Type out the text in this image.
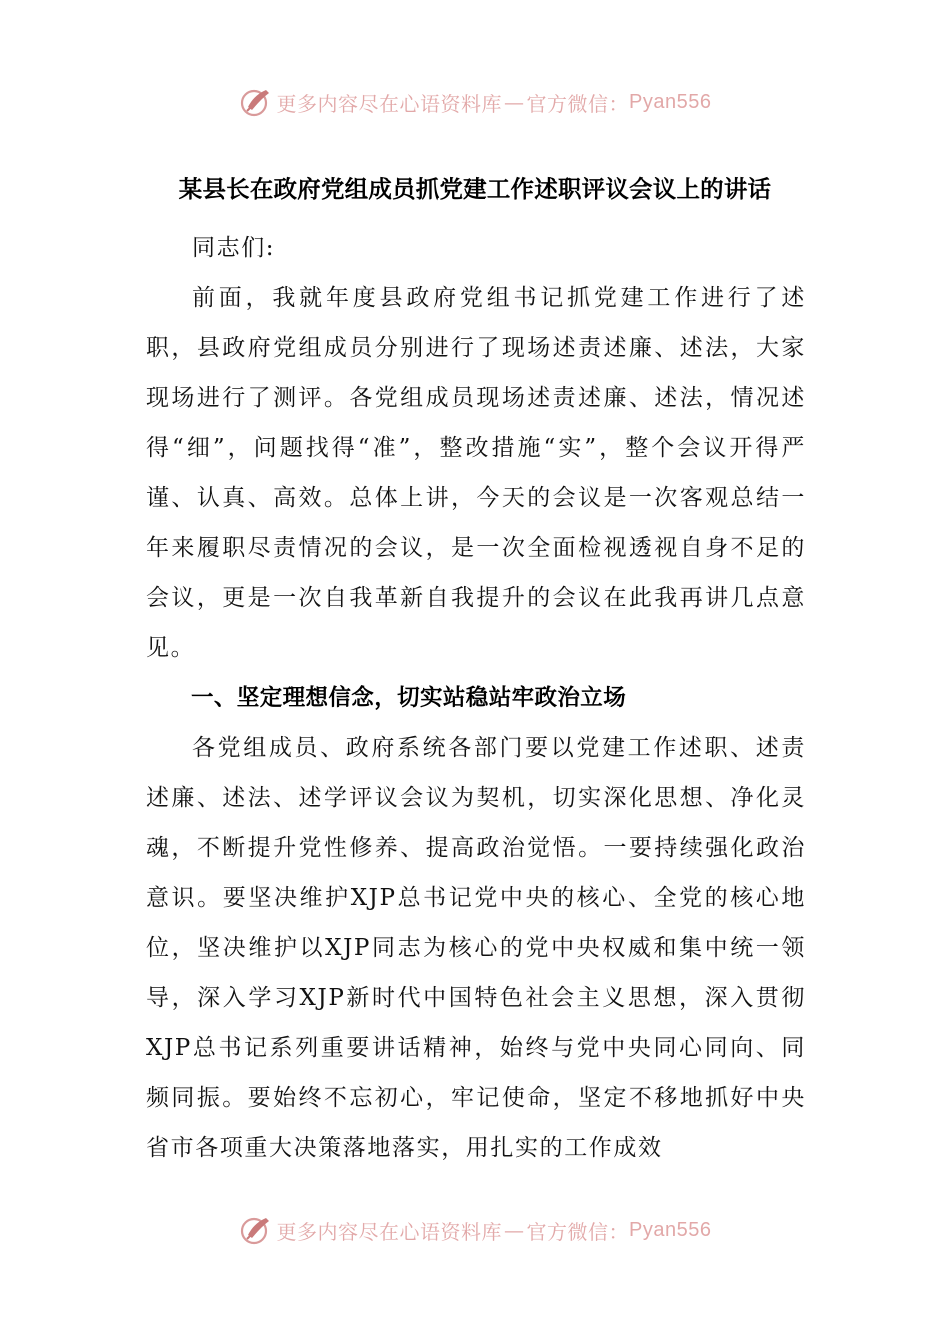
更多内容尽在心语资料库 — 官方微信： Pyan556
某县长在政府党组成员抓党建工作述职评议会议上的讲话

同志们:

前面，我就年度县政府党组书记抓党建工作进行了述职，县政府党组成员分别进行了现场述责述廉、述法，大家现场进行了测评。各党组成员现场述责述廉、述法，情况述得“细”，问题找得“准”，整改措施“实”，整个会议开得严谨、认真、高效。总体上讲，今天的会议是一次客观总结一年来履职尽责情况的会议，是一次全面检视透视自身不足的会议，更是一次自我革新自我提升的会议在此我再讲几点意见。

一、坚定理想信念，切实站稳站牢政治立场

各党组成员、政府系统各部门要以党建工作述职、述责述廉、述法、述学评议会议为契机，切实深化思想、净化灵魂，不断提升党性修养、提高政治觉悟。一要持续强化政治意识。要坚决维护XJP总书记党中央的核心、全党的核心地位，坚决维护以XJP同志为核心的党中央权威和集中统一领导，深入学习XJP新时代中国特色社会主义思想，深入贯彻XJP总书记系列重要讲话精神，始终与党中央同心同向、同频同振。要始终不忘初心，牢记使命，坚定不移地抓好中央省市各项重大决策落地落实，用扎实的工作成效

更多内容尽在心语资料库 — 官方微信： Pyan556
